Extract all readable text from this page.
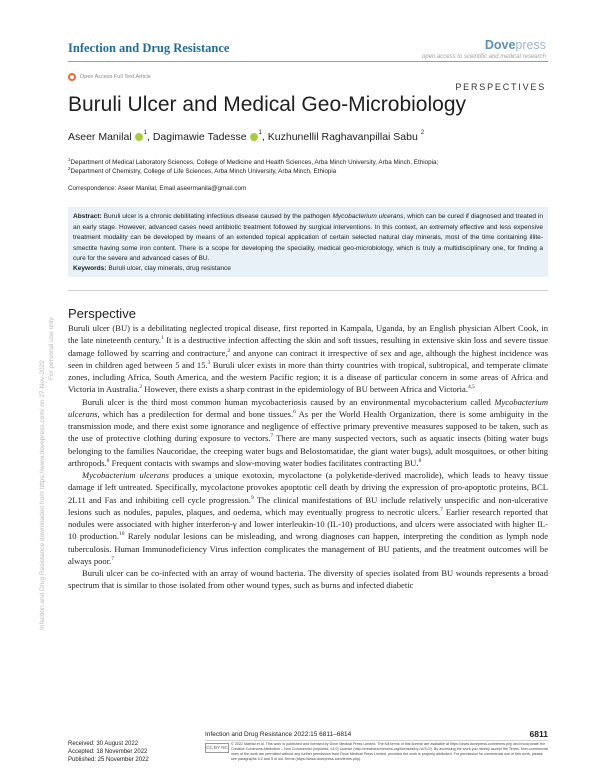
Infection and Drug Resistance	Dovepress
open access to scientific and medical research
Open Access Full Text Article
PERSPECTIVES
Buruli Ulcer and Medical Geo-Microbiology
Aseer Manilal $^1$ , Dagimawie Tadesse $^1$ , Kuzhunellil Raghavanpillai Sabu
$^2$
$^1$Department of Medical Laboratory Sciences, College of Medicine and Health Sciences, Arba Minch University, Arba Minch, Ethiopia;
$^2$Department of Chemistry, College of Life Sciences, Arba Minch University, Arba Minch, Ethiopia
Correspondence: Aseer Manilal, Email aseermanila@gmail.com
Abstract: Buruli ulcer is a chronic debilitating infectious disease caused by the pathogen Mycobacterium ulcerans, which can be cured if diagnosed and treated in an early stage. However, advanced cases need antibiotic treatment followed by surgical interventions. In this context, an extremely effective and less expensive treatment modality can be developed by means of an extended topical application of certain selected natural clay minerals, most of the time containing illite-smectite having some iron content. There is a scope for developing the speciality, medical geo-microbiology, which is truly a multidisciplinary one, for finding a cure for the severe and advanced cases of BU.
Keywords: Buruli ulcer, clay minerals, drug resistance
Perspective

Buruli ulcer (BU) is a debilitating neglected tropical disease, first reported in Kampala, Uganda, by an English physician Albert Cook, in the late nineteenth century.$^1$ It is a destructive infection affecting the skin and soft tissues, resulting in extensive skin loss and severe tissue damage followed by scarring and contracture,$^2$ and anyone can contract it irrespective of sex and age, although the highest incidence was seen in children aged between 5 and 15.$^3$ Buruli ulcer exists in more than thirty countries with tropical, subtropical, and temperate climate zones, including Africa, South America, and the western Pacific region; it is a disease of particular concern in some areas of Africa and Victoria in Australia.$^2$ However, there exists a sharp contrast in the epidemiology of BU between Africa and Victoria.$^{4,5}$

Buruli ulcer is the third most common human mycobacteriosis caused by an environmental mycobacterium called Mycobacterium ulcerans, which has a predilection for dermal and bone tissues.$^6$ As per the World Health Organization, there is some ambiguity in the transmission mode, and there exist some ignorance and negligence of effective primary preventive measures supposed to be taken, such as the use of protective clothing during exposure to vectors.$^7$ There are many suspected vectors, such as aquatic insects (biting water bugs belonging to the families Naucoridae, the creeping water bugs and Belostomatidae, the giant water bugs), adult mosquitoes, or other biting arthropods.$^8$ Frequent contacts with swamps and slow-moving water bodies facilitates contracting BU.$^8$

Mycobacterium ulcerans produces a unique exotoxin, mycolactone (a polyketide-derived macrolide), which leads to heavy tissue damage if left untreated. Specifically, mycolactone provokes apoptotic cell death by driving the expression of pro-apoptotic proteins, BCL 2L11 and Fas and inhibiting cell cycle progression.$^9$ The clinical manifestations of BU include relatively unspecific and non-ulcerative lesions such as nodules, papules, plaques, and oedema, which may eventually progress to necrotic ulcers.$^7$ Earlier research reported that nodules were associated with higher interferon-γ and lower interleukin-10 (IL-10) productions, and ulcers were associated with higher IL-10 production.$^{10}$ Rarely nodular lesions can be misleading, and wrong diagnoses can happen, interpreting the condition as lymph node tuberculosis. Human Immunodeficiency Virus infection complicates the management of BU patients, and the treatment outcomes will be always poor.$^7$

Buruli ulcer can be co-infected with an array of wound bacteria. The diversity of species isolated from BU wounds represents a broad spectrum that is similar to those isolated from other wound types, such as burns and infected diabetic

Infection and Drug Resistance downloaded from https://www.dovepress.com/ on 27-Nov-2022
For personal use only.
Infection and Drug Resistance 2022:15 6811–6814	6811
Received: 30 August 2022
Accepted: 18 November 2022
Published: 25 November 2022
CC BY NC
© 2022 Manilal et al. This work is published and licensed by Dove Medical Press Limited. The full terms of this license are available at https://www.dovepress.com/terms.php and incorporate the Creative Commons Attribution – Non Commercial (unported, v3.0) License (http://creativecommons.org/licenses/by-nc/3.0/). By accessing the work you hereby accept the Terms. Non-commercial uses of the work are permitted without any further permission from Dove Medical Press Limited, provided the work is properly attributed. For permission for commercial use of this work, please see paragraphs 4.2 and 5 of our Terms (https://www.dovepress.com/terms.php).
